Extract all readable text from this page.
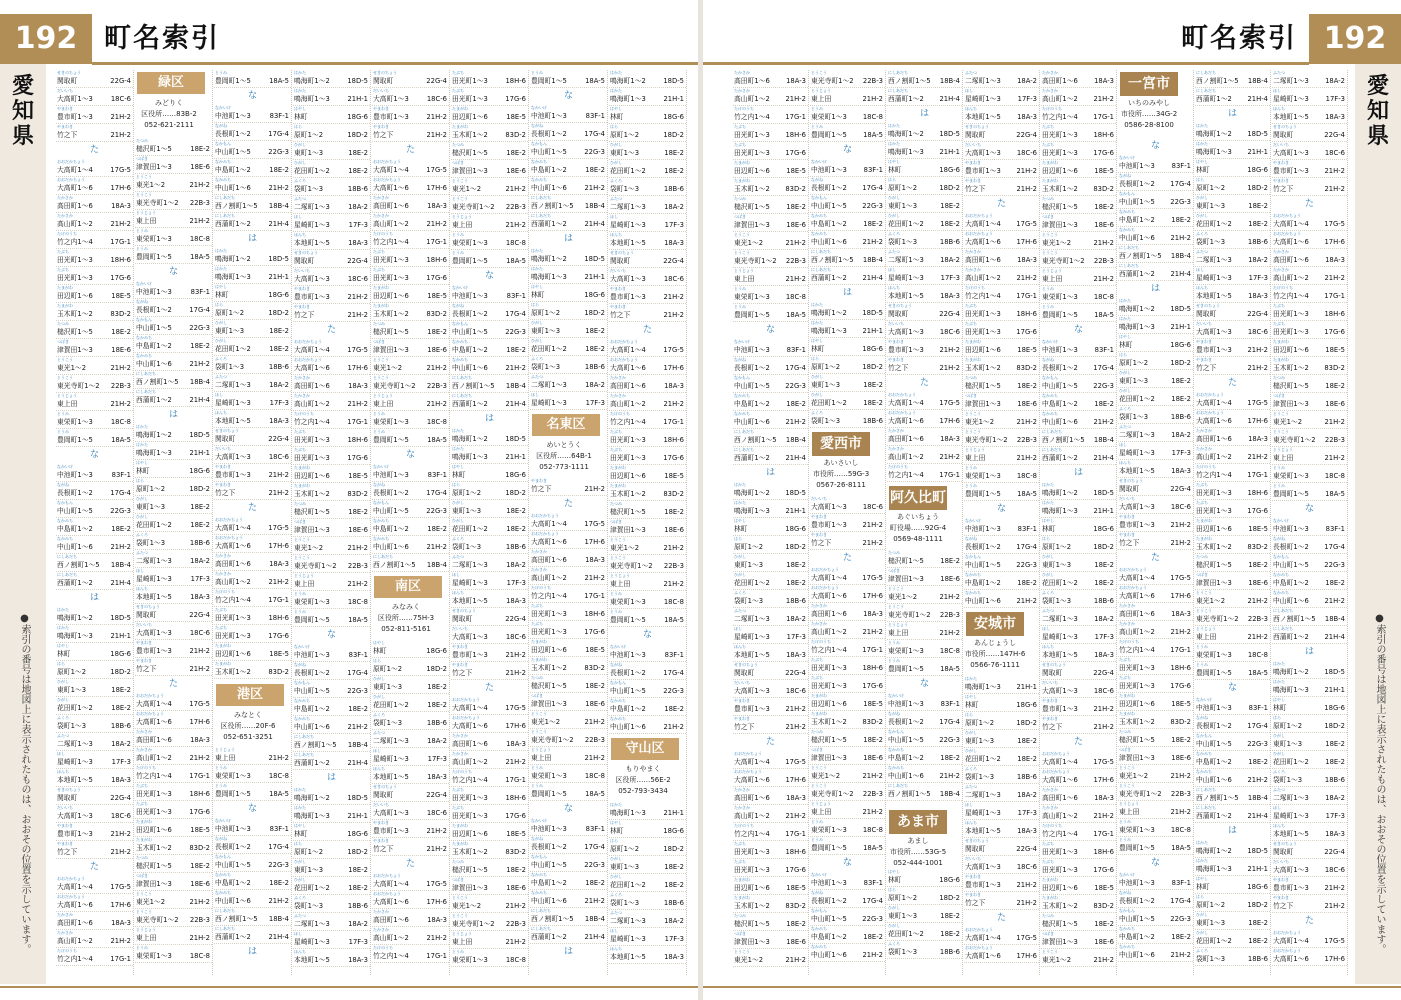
192 町名索引
愛
知
県
●索引の番号は地図上に表示されたものは、おおその位置を示しています。
せきのちょう
関取町	22G-4
だいいち
大高町1〜3	18C-6
やまわき
豊市町1〜3	21H-2
やまわき
竹之下	21H-2
た
おおだかちょう
大高町1〜4	17G-5
おおだかちょう
大高町1〜6	17H-6
たかさか
高田町1〜6	18A-3
たかさか
高山町1〜2	21H-2
たけのうち
竹之内1〜4	17G-1
たぶち
田光町1〜3	18H-6
たぶち
田光町1〜3	17G-6
たまがわ
田辺町1〜6	18E-5
たまがわ
玉木町1〜2	83D-2
たつみ
槌沢町1〜5	18E-2
つばき
津賀田1〜3	18E-6
とうこう
東光1〜2	21H-2
とうこう
東光寺町1〜2 22B-3
とうじょう
東上田	21H-2
とうみ
東栄町1〜3	18C-8
とうみ
豊岡町1〜5	18A-5
な
なかいけ
中池町1〜3	83F-1
ながね
長根町1〜2	17G-4
なかもん
中山町1〜5	22G-3
なかみち
中島町1〜2	18E-2
なかみち
中山町1〜6	21H-2
にしあだち
西ノ割町1〜5 18B-4
にしあだち
西蒲町1〜2	21H-4
は
はかた
鳴海町1〜2	18D-5
はかた
鳴海町1〜3	21H-1
はやし
林町	18G-6
はら
原町1〜2	18D-2
ひがし
東町1〜3	18E-2
ひがし
花田町1〜2	18E-2
ふくろ
袋町1〜3	18B-6
ふたつ
二塚町1〜3	18A-2
ほし
星崎町1〜3	17F-3
ほんち
本地町1〜5	18A-3
せきのちょう
関取町	22G-4
だいいち
大高町1〜3	18C-6
やまわき
豊市町1〜3	21H-2
やまわき
竹之下	21H-2
た
おおだかちょう
大高町1〜4	17G-5
おおだかちょう
大高町1〜6	17H-6
たかさか
高田町1〜6	18A-3
たかさか
高山町1〜2	21H-2
たけのうち
竹之内1〜4	17G-1
たつみ
槌沢町1〜5	18E-2
つばき
津賀田1〜3	18E-6
とうこう
東光1〜2	21H-2
とうこう
東光寺町1〜2 22B-3
とうじょう
東上田	21H-2
とうみ
東栄町1〜3	18C-8
とうみ
豊岡町1〜5	18A-5
な
なかいけ
中池町1〜3	83F-1
ながね
長根町1〜2	17G-4
なかもん
中山町1〜5	22G-3
なかみち
中島町1〜2	18E-2
なかみち
中山町1〜6	21H-2
にしあだち
西ノ割町1〜5 18B-4
にしあだち
西蒲町1〜2	21H-4
は
はかた
鳴海町1〜2	18D-5
はかた
鳴海町1〜3	21H-1
はやし
林町	18G-6
はら
原町1〜2	18D-2
ひがし
東町1〜3	18E-2
ひがし
花田町1〜2	18E-2
ふくろ
袋町1〜3	18B-6
ふたつ
二塚町1〜3	18A-2
ほし
星崎町1〜3	17F-3
ほんち
本地町1〜5	18A-3
せきのちょう
関取町	22G-4
だいいち
大高町1〜3	18C-6
やまわき
豊市町1〜3	21H-2
やまわき
竹之下	21H-2
た
おおだかちょう
大高町1〜4	17G-5
おおだかちょう
大高町1〜6	17H-6
たかさか
高田町1〜6	18A-3
たかさか
高山町1〜2	21H-2
たけのうち
竹之内1〜4	17G-1
たぶち
田光町1〜3	18H-6
たぶち
田光町1〜3	17G-6
たまがわ
田辺町1〜6	18E-5
たまがわ
玉木町1〜2	83D-2
たつみ
槌沢町1〜5	18E-2
つばき
津賀田1〜3	18E-6
とうこう
東光1〜2	21H-2
とうこう
東光寺町1〜2 22B-3
とうじょう
東上田	21H-2
とうみ
東栄町1〜3	18C-8
とうみ
豊岡町1〜5	18A-5
な
なかいけ
中池町1〜3	83F-1
ながね
長根町1〜2	17G-4
なかもん
中山町1〜5	22G-3
なかみち
中島町1〜2	18E-2
なかみち
中山町1〜6	21H-2
にしあだち
西ノ割町1〜5 18B-4
にしあだち
西蒲町1〜2	21H-4
は
はかた
鳴海町1〜2	18D-5
はかた
鳴海町1〜3	21H-1
はやし
林町	18G-6
はら
原町1〜2	18D-2
ひがし
東町1〜3	18E-2
ひがし
花田町1〜2	18E-2
ふくろ
袋町1〜3	18B-6
ふたつ
二塚町1〜3	18A-2
ほし
星崎町1〜3	17F-3
ほんち
本地町1〜5	18A-3
せきのちょう
関取町	22G-4
だいいち
大高町1〜3	18C-6
やまわき
豊市町1〜3	21H-2
やまわき
竹之下	21H-2
た
おおだかちょう
大高町1〜4	17G-5
おおだかちょう
大高町1〜6	17H-6
たかさか
高田町1〜6	18A-3
たかさか
高山町1〜2	21H-2
たけのうち
竹之内1〜4	17G-1
たぶち
田光町1〜3	18H-6
たぶち
田光町1〜3	17G-6
たまがわ
田辺町1〜6	18E-5
たまがわ
玉木町1〜2	83D-2
とうじょう
東上田	21H-2
とうみ
東栄町1〜3	18C-8
とうみ
豊岡町1〜5	18A-5
な
なかいけ
中池町1〜3	83F-1
ながね
長根町1〜2	17G-4
なかもん
中山町1〜5	22G-3
なかみち
中島町1〜2	18E-2
なかみち
中山町1〜6	21H-2
にしあだち
西ノ割町1〜5 18B-4
にしあだち
西蒲町1〜2	21H-4
は
はかた
鳴海町1〜2	18D-5
はかた
鳴海町1〜3	21H-1
はやし
林町	18G-6
はら
原町1〜2	18D-2
ひがし
東町1〜3	18E-2
ひがし
花田町1〜2	18E-2
ふくろ
袋町1〜3	18B-6
ふたつ
二塚町1〜3	18A-2
ほし
星崎町1〜3	17F-3
ほんち
本地町1〜5	18A-3
せきのちょう
関取町	22G-4
だいいち
大高町1〜3	18C-6
やまわき
豊市町1〜3	21H-2
やまわき
竹之下	21H-2
た
おおだかちょう
大高町1〜4	17G-5
おおだかちょう
大高町1〜6	17H-6
たかさか
高田町1〜6	18A-3
たかさか
高山町1〜2	21H-2
たけのうち
竹之内1〜4	17G-1
たぶち
田光町1〜3	18H-6
たぶち
田光町1〜3	17G-6
たまがわ
田辺町1〜6	18E-5
たまがわ
玉木町1〜2	83D-2
たつみ
槌沢町1〜5	18E-2
つばき
津賀田1〜3	18E-6
とうこう
東光1〜2	21H-2
とうこう
東光寺町1〜2 22B-3
とうじょう
東上田	21H-2
とうみ
東栄町1〜3	18C-8
とうみ
豊岡町1〜5	18A-5
な
なかいけ
中池町1〜3	83F-1
ながね
長根町1〜2	17G-4
なかもん
中山町1〜5	22G-3
なかみち
中島町1〜2	18E-2
なかみち
中山町1〜6	21H-2
にしあだち
西ノ割町1〜5 18B-4
にしあだち
西蒲町1〜2	21H-4
は
はかた
鳴海町1〜2	18D-5
はかた
鳴海町1〜3	21H-1
はやし
林町	18G-6
はら
原町1〜2	18D-2
ひがし
東町1〜3	18E-2
ひがし
花田町1〜2	18E-2
ふくろ
袋町1〜3	18B-6
ふたつ
二塚町1〜3	18A-2
ほし
星崎町1〜3	17F-3
ほんち
本地町1〜5	18A-3
せきのちょう
関取町	22G-4
だいいち
大高町1〜3	18C-6
やまわき
豊市町1〜3	21H-2
やまわき
竹之下	21H-2
た
おおだかちょう
大高町1〜4	17G-5
おおだかちょう
大高町1〜6	17H-6
たかさか
高田町1〜6	18A-3
たかさか
高山町1〜2	21H-2
たけのうち
竹之内1〜4	17G-1
たぶち
田光町1〜3	18H-6
たぶち
田光町1〜3	17G-6
たまがわ
田辺町1〜6	18E-5
たまがわ
玉木町1〜2	83D-2
たつみ
槌沢町1〜5	18E-2
つばき
津賀田1〜3	18E-6
とうこう
東光1〜2	21H-2
とうこう
東光寺町1〜2 22B-3
とうじょう
東上田	21H-2
とうみ
東栄町1〜3	18C-8
とうみ
豊岡町1〜5	18A-5
な
なかいけ
中池町1〜3	83F-1
ながね
長根町1〜2	17G-4
なかもん
中山町1〜5	22G-3
なかみち
中島町1〜2	18E-2
なかみち
中山町1〜6	21H-2
にしあだち
西ノ割町1〜5 18B-4
はやし
林町	18G-6
はら
原町1〜2	18D-2
ひがし
東町1〜3	18E-2
ひがし
花田町1〜2	18E-2
ふくろ
袋町1〜3	18B-6
ふたつ
二塚町1〜3	18A-2
ほし
星崎町1〜3	17F-3
ほんち
本地町1〜5	18A-3
せきのちょう
関取町	22G-4
だいいち
大高町1〜3	18C-6
やまわき
豊市町1〜3	21H-2
やまわき
竹之下	21H-2
た
おおだかちょう
大高町1〜4	17G-5
おおだかちょう
大高町1〜6	17H-6
たかさか
高田町1〜6	18A-3
たかさか
高山町1〜2	21H-2
たけのうち
竹之内1〜4	17G-1
たぶち
田光町1〜3	18H-6
たぶち
田光町1〜3	17G-6
たまがわ
田辺町1〜6	18E-5
たまがわ
玉木町1〜2	83D-2
たつみ
槌沢町1〜5	18E-2
つばき
津賀田1〜3	18E-6
とうこう
東光1〜2	21H-2
とうこう
東光寺町1〜2 22B-3
とうじょう
東上田	21H-2
とうみ
東栄町1〜3	18C-8
とうみ
豊岡町1〜5	18A-5
な
なかいけ
中池町1〜3	83F-1
ながね
長根町1〜2	17G-4
なかもん
中山町1〜5	22G-3
なかみち
中島町1〜2	18E-2
なかみち
中山町1〜6	21H-2
にしあだち
西ノ割町1〜5 18B-4
にしあだち
西蒲町1〜2	21H-4
は
はかた
鳴海町1〜2	18D-5
はかた
鳴海町1〜3	21H-1
はやし
林町	18G-6
はら
原町1〜2	18D-2
ひがし
東町1〜3	18E-2
ひがし
花田町1〜2	18E-2
ふくろ
袋町1〜3	18B-6
ふたつ
二塚町1〜3	18A-2
ほし
星崎町1〜3	17F-3
ほんち
本地町1〜5	18A-3
せきのちょう
関取町	22G-4
だいいち
大高町1〜3	18C-6
やまわき
豊市町1〜3	21H-2
やまわき
竹之下	21H-2
た
おおだかちょう
大高町1〜4	17G-5
おおだかちょう
大高町1〜6	17H-6
たかさか
高田町1〜6	18A-3
たかさか
高山町1〜2	21H-2
たけのうち
竹之内1〜4	17G-1
たぶち
田光町1〜3	18H-6
たぶち
田光町1〜3	17G-6
たまがわ
田辺町1〜6	18E-5
たまがわ
玉木町1〜2	83D-2
たつみ
槌沢町1〜5	18E-2
つばき
津賀田1〜3	18E-6
とうこう
東光1〜2	21H-2
とうこう
東光寺町1〜2 22B-3
とうじょう
東上田	21H-2
とうみ
東栄町1〜3	18C-8
とうみ
豊岡町1〜5	18A-5
な
なかいけ
中池町1〜3	83F-1
ながね
長根町1〜2	17G-4
なかもん
中山町1〜5	22G-3
なかみち
中島町1〜2	18E-2
なかみち
中山町1〜6	21H-2
にしあだち
西ノ割町1〜5 18B-4
にしあだち
西蒲町1〜2	21H-4
は
はかた
鳴海町1〜2	18D-5
はかた
鳴海町1〜3	21H-1
はやし
林町	18G-6
はら
原町1〜2	18D-2
ひがし
東町1〜3	18E-2
ひがし
花田町1〜2	18E-2
ふくろ
袋町1〜3	18B-6
ふたつ
二塚町1〜3	18A-2
ほし
星崎町1〜3	17F-3
やまわき
竹之下	21H-2
た
おおだかちょう
大高町1〜4	17G-5
おおだかちょう
大高町1〜6	17H-6
たかさか
高田町1〜6	18A-3
たかさか
高山町1〜2	21H-2
たけのうち
竹之内1〜4	17G-1
たぶち
田光町1〜3	18H-6
たぶち
田光町1〜3	17G-6
たまがわ
田辺町1〜6	18E-5
たまがわ
玉木町1〜2	83D-2
たつみ
槌沢町1〜5	18E-2
つばき
津賀田1〜3	18E-6
とうこう
東光1〜2	21H-2
とうこう
東光寺町1〜2 22B-3
とうじょう
東上田	21H-2
とうみ
東栄町1〜3	18C-8
とうみ
豊岡町1〜5	18A-5
な
なかいけ
中池町1〜3	83F-1
ながね
長根町1〜2	17G-4
なかもん
中山町1〜5	22G-3
なかみち
中島町1〜2	18E-2
なかみち
中山町1〜6	21H-2
にしあだち
西ノ割町1〜5 18B-4
にしあだち
西蒲町1〜2	21H-4
は
はかた
鳴海町1〜2	18D-5
はかた
鳴海町1〜3	21H-1
はやし
林町	18G-6
はら
原町1〜2	18D-2
ひがし
東町1〜3	18E-2
ひがし
花田町1〜2	18E-2
ふくろ
袋町1〜3	18B-6
ふたつ
二塚町1〜3	18A-2
ほし
星崎町1〜3	17F-3
ほんち
本地町1〜5	18A-3
せきのちょう
関取町	22G-4
だいいち
大高町1〜3	18C-6
やまわき
豊市町1〜3	21H-2
やまわき
竹之下	21H-2
た
おおだかちょう
大高町1〜4	17G-5
おおだかちょう
大高町1〜6	17H-6
たかさか
高田町1〜6	18A-3
たかさか
高山町1〜2	21H-2
たけのうち
竹之内1〜4	17G-1
たぶち
田光町1〜3	18H-6
たぶち
田光町1〜3	17G-6
たまがわ
田辺町1〜6	18E-5
たまがわ
玉木町1〜2	83D-2
たつみ
槌沢町1〜5	18E-2
つばき
津賀田1〜3	18E-6
とうこう
東光1〜2	21H-2
とうこう
東光寺町1〜2 22B-3
とうじょう
東上田	21H-2
とうみ
東栄町1〜3	18C-8
とうみ
豊岡町1〜5	18A-5
な
なかいけ
中池町1〜3	83F-1
ながね
長根町1〜2	17G-4
なかもん
中山町1〜5	22G-3
なかみち
中島町1〜2	18E-2
なかみち
中山町1〜6	21H-2
はかた
鳴海町1〜3	21H-1
はやし
林町	18G-6
はら
原町1〜2	18D-2
ひがし
東町1〜3	18E-2
ひがし
花田町1〜2	18E-2
ふくろ
袋町1〜3	18B-6
ふたつ
二塚町1〜3	18A-2
ほし
星崎町1〜3	17F-3
ほんち
本地町1〜5	18A-3
緑区
みどりく
区役所……83B-2
052-621-2111
港区
みなとく
区役所……20F-6
052-651-3251
南区
みなみく
区役所……75H-3
052-811-5161
名東区
めいとうく
区役所……64B-1
052-773-1111
守山区
もりやまく
区役所……56E-2
052-793-3434
192
町名索引
愛
知
県
●索引の番号は地図上に表示されたものは、おおその位置を示しています。
たかさか
高田町1〜6 18A-3
たかさか
高山町1〜2 21H-2
たけのうち
竹之内1〜4 17G-1
たぶち
田光町1〜3 18H-6
たぶち
田光町1〜3 17G-6
たまがわ
田辺町1〜6 18E-5
たまがわ
玉木町1〜2 83D-2
たつみ
槌沢町1〜5 18E-2
つばき
津賀田1〜3 18E-6
とうこう
東光1〜2	21H-2
とうこう
東光寺町1〜2 22B-3
とうじょう
東上田	21H-2
とうみ
東栄町1〜3 18C-8
とうみ
豊岡町1〜5 18A-5
な
なかいけ
中池町1〜3 83F-1
ながね
長根町1〜2 17G-4
なかもん
中山町1〜5 22G-3
なかみち
中島町1〜2 18E-2
なかみち
中山町1〜6 21H-2
にしあだち
西ノ割町1〜5 18B-4
にしあだち
西蒲町1〜2 21H-4
は
はかた
鳴海町1〜2 18D-5
はかた
鳴海町1〜3 21H-1
はやし
林町	18G-6
はら
原町1〜2	18D-2
ひがし
東町1〜3	18E-2
ひがし
花田町1〜2 18E-2
ふくろ
袋町1〜3	18B-6
ふたつ
二塚町1〜3 18A-2
ほし
星崎町1〜3 17F-3
ほんち
本地町1〜5 18A-3
せきのちょう
関取町	22G-4
だいいち
大高町1〜3 18C-6
やまわき
豊市町1〜3 21H-2
やまわき
竹之下	21H-2
た
おおだかちょう
大高町1〜4 17G-5
おおだかちょう
大高町1〜6 17H-6
たかさか
高田町1〜6 18A-3
たかさか
高山町1〜2 21H-2
たけのうち
竹之内1〜4 17G-1
たぶち
田光町1〜3 18H-6
たぶち
田光町1〜3 17G-6
たまがわ
田辺町1〜6 18E-5
たまがわ
玉木町1〜2 83D-2
たつみ
槌沢町1〜5 18E-2
つばき
津賀田1〜3 18E-6
とうこう
東光1〜2	21H-2
とうこう
東光寺町1〜2 22B-3
とうじょう
東上田	21H-2
とうみ
東栄町1〜3 18C-8
とうみ
豊岡町1〜5 18A-5
な
なかいけ
中池町1〜3 83F-1
ながね
長根町1〜2 17G-4
なかもん
中山町1〜5 22G-3
なかみち
中島町1〜2 18E-2
なかみち
中山町1〜6 21H-2
にしあだち
西ノ割町1〜5 18B-4
にしあだち
西蒲町1〜2 21H-4
は
はかた
鳴海町1〜2 18D-5
はかた
鳴海町1〜3 21H-1
はやし
林町	18G-6
はら
原町1〜2	18D-2
ひがし
東町1〜3	18E-2
ひがし
花田町1〜2 18E-2
ふくろ
袋町1〜3	18B-6
だいいち
大高町1〜3 18C-6
やまわき
豊市町1〜3 21H-2
やまわき
竹之下	21H-2
た
おおだかちょう
大高町1〜4 17G-5
おおだかちょう
大高町1〜6 17H-6
たかさか
高田町1〜6 18A-3
たかさか
高山町1〜2 21H-2
たけのうち
竹之内1〜4 17G-1
たぶち
田光町1〜3 18H-6
たぶち
田光町1〜3 17G-6
たまがわ
田辺町1〜6 18E-5
たまがわ
玉木町1〜2 83D-2
たつみ
槌沢町1〜5 18E-2
つばき
津賀田1〜3 18E-6
とうこう
東光1〜2	21H-2
とうこう
東光寺町1〜2 22B-3
とうじょう
東上田	21H-2
とうみ
東栄町1〜3 18C-8
とうみ
豊岡町1〜5 18A-5
な
なかいけ
中池町1〜3 83F-1
ながね
長根町1〜2 17G-4
なかもん
中山町1〜5 22G-3
なかみち
中島町1〜2 18E-2
なかみち
中山町1〜6 21H-2
にしあだち
西ノ割町1〜5 18B-4
にしあだち
西蒲町1〜2 21H-4
は
はかた
鳴海町1〜2 18D-5
はかた
鳴海町1〜3 21H-1
はやし
林町	18G-6
はら
原町1〜2	18D-2
ひがし
東町1〜3	18E-2
ひがし
花田町1〜2 18E-2
ふくろ
袋町1〜3	18B-6
ふたつ
二塚町1〜3 18A-2
ほし
星崎町1〜3 17F-3
ほんち
本地町1〜5 18A-3
せきのちょう
関取町	22G-4
だいいち
大高町1〜3 18C-6
やまわき
豊市町1〜3 21H-2
やまわき
竹之下	21H-2
た
おおだかちょう
大高町1〜4 17G-5
おおだかちょう
大高町1〜6 17H-6
たかさか
高田町1〜6 18A-3
たかさか
高山町1〜2 21H-2
たけのうち
竹之内1〜4 17G-1
たつみ
槌沢町1〜5 18E-2
つばき
津賀田1〜3 18E-6
とうこう
東光1〜2	21H-2
とうこう
東光寺町1〜2 22B-3
とうじょう
東上田	21H-2
とうみ
東栄町1〜3 18C-8
とうみ
豊岡町1〜5 18A-5
な
なかいけ
中池町1〜3 83F-1
ながね
長根町1〜2 17G-4
なかもん
中山町1〜5 22G-3
なかみち
中島町1〜2 18E-2
なかみち
中山町1〜6 21H-2
にしあだち
西ノ割町1〜5 18B-4
はやし
林町	18G-6
はら
原町1〜2	18D-2
ひがし
東町1〜3	18E-2
ひがし
花田町1〜2 18E-2
ふくろ
袋町1〜3	18B-6
ふたつ
二塚町1〜3 18A-2
ほし
星崎町1〜3 17F-3
ほんち
本地町1〜5 18A-3
せきのちょう
関取町	22G-4
だいいち
大高町1〜3 18C-6
やまわき
豊市町1〜3 21H-2
やまわき
竹之下	21H-2
た
おおだかちょう
大高町1〜4 17G-5
おおだかちょう
大高町1〜6 17H-6
たかさか
高田町1〜6 18A-3
たかさか
高山町1〜2 21H-2
たけのうち
竹之内1〜4 17G-1
たぶち
田光町1〜3 18H-6
たぶち
田光町1〜3 17G-6
たまがわ
田辺町1〜6 18E-5
たまがわ
玉木町1〜2 83D-2
たつみ
槌沢町1〜5 18E-2
つばき
津賀田1〜3 18E-6
とうこう
東光1〜2	21H-2
とうこう
東光寺町1〜2 22B-3
とうじょう
東上田	21H-2
とうみ
東栄町1〜3 18C-8
とうみ
豊岡町1〜5 18A-5
な
なかいけ
中池町1〜3 83F-1
ながね
長根町1〜2 17G-4
なかもん
中山町1〜5 22G-3
なかみち
中島町1〜2 18E-2
なかみち
中山町1〜6 21H-2
はかた
鳴海町1〜3 21H-1
はやし
林町	18G-6
はら
原町1〜2	18D-2
ひがし
東町1〜3	18E-2
ひがし
花田町1〜2 18E-2
ふくろ
袋町1〜3	18B-6
ふたつ
二塚町1〜3 18A-2
ほし
星崎町1〜3 17F-3
ほんち
本地町1〜5 18A-3
せきのちょう
関取町	22G-4
だいいち
大高町1〜3 18C-6
やまわき
豊市町1〜3 21H-2
やまわき
竹之下	21H-2
た
おおだかちょう
大高町1〜4 17G-5
おおだかちょう
大高町1〜6 17H-6
たかさか
高田町1〜6 18A-3
たかさか
高山町1〜2 21H-2
たけのうち
竹之内1〜4 17G-1
たぶち
田光町1〜3 18H-6
たぶち
田光町1〜3 17G-6
たまがわ
田辺町1〜6 18E-5
たまがわ
玉木町1〜2 83D-2
たつみ
槌沢町1〜5 18E-2
つばき
津賀田1〜3 18E-6
とうこう
東光1〜2	21H-2
とうこう
東光寺町1〜2 22B-3
とうじょう
東上田	21H-2
とうみ
東栄町1〜3 18C-8
とうみ
豊岡町1〜5 18A-5
な
なかいけ
中池町1〜3 83F-1
ながね
長根町1〜2 17G-4
なかもん
中山町1〜5 22G-3
なかみち
中島町1〜2 18E-2
なかみち
中山町1〜6 21H-2
にしあだち
西ノ割町1〜5 18B-4
にしあだち
西蒲町1〜2 21H-4
は
はかた
鳴海町1〜2 18D-5
はかた
鳴海町1〜3 21H-1
はやし
林町	18G-6
はら
原町1〜2	18D-2
ひがし
東町1〜3	18E-2
ひがし
花田町1〜2 18E-2
ふくろ
袋町1〜3	18B-6
ふたつ
二塚町1〜3 18A-2
ほし
星崎町1〜3 17F-3
ほんち
本地町1〜5 18A-3
せきのちょう
関取町	22G-4
だいいち
大高町1〜3 18C-6
やまわき
豊市町1〜3 21H-2
やまわき
竹之下	21H-2
た
おおだかちょう
大高町1〜4 17G-5
おおだかちょう
大高町1〜6 17H-6
たかさか
高田町1〜6 18A-3
たかさか
高山町1〜2 21H-2
たけのうち
竹之内1〜4 17G-1
たぶち
田光町1〜3 18H-6
たぶち
田光町1〜3 17G-6
たまがわ
田辺町1〜6 18E-5
たまがわ
玉木町1〜2 83D-2
たつみ
槌沢町1〜5 18E-2
つばき
津賀田1〜3 18E-6
とうこう
東光1〜2	21H-2
な
なかいけ
中池町1〜3 83F-1
ながね
長根町1〜2 17G-4
なかもん
中山町1〜5 22G-3
なかみち
中島町1〜2 18E-2
なかみち
中山町1〜6 21H-2
にしあだち
西ノ割町1〜5 18B-4
にしあだち
西蒲町1〜2 21H-4
は
はかた
鳴海町1〜2 18D-5
はかた
鳴海町1〜3 21H-1
はやし
林町	18G-6
はら
原町1〜2	18D-2
ひがし
東町1〜3	18E-2
ひがし
花田町1〜2 18E-2
ふくろ
袋町1〜3	18B-6
ふたつ
二塚町1〜3 18A-2
ほし
星崎町1〜3 17F-3
ほんち
本地町1〜5 18A-3
せきのちょう
関取町	22G-4
だいいち
大高町1〜3 18C-6
やまわき
豊市町1〜3 21H-2
やまわき
竹之下	21H-2
た
おおだかちょう
大高町1〜4 17G-5
おおだかちょう
大高町1〜6 17H-6
たかさか
高田町1〜6 18A-3
たかさか
高山町1〜2 21H-2
たけのうち
竹之内1〜4 17G-1
たぶち
田光町1〜3 18H-6
たぶち
田光町1〜3 17G-6
たまがわ
田辺町1〜6 18E-5
たまがわ
玉木町1〜2 83D-2
たつみ
槌沢町1〜5 18E-2
つばき
津賀田1〜3 18E-6
とうこう
東光1〜2	21H-2
とうこう
東光寺町1〜2 22B-3
とうじょう
東上田	21H-2
とうみ
東栄町1〜3 18C-8
とうみ
豊岡町1〜5 18A-5
な
なかいけ
中池町1〜3 83F-1
ながね
長根町1〜2 17G-4
なかもん
中山町1〜5 22G-3
なかみち
中島町1〜2 18E-2
なかみち
中山町1〜6 21H-2
にしあだち
西ノ割町1〜5 18B-4
にしあだち
西蒲町1〜2 21H-4
は
はかた
鳴海町1〜2 18D-5
はかた
鳴海町1〜3 21H-1
はやし
林町	18G-6
はら
原町1〜2	18D-2
ひがし
東町1〜3	18E-2
ひがし
花田町1〜2 18E-2
ふくろ
袋町1〜3	18B-6
ふたつ
二塚町1〜3 18A-2
ほし
星崎町1〜3 17F-3
ほんち
本地町1〜5 18A-3
せきのちょう
関取町	22G-4
だいいち
大高町1〜3 18C-6
やまわき
豊市町1〜3 21H-2
やまわき
竹之下	21H-2
た
おおだかちょう
大高町1〜4 17G-5
おおだかちょう
大高町1〜6 17H-6
たかさか
高田町1〜6 18A-3
たかさか
高山町1〜2 21H-2
たけのうち
竹之内1〜4 17G-1
たぶち
田光町1〜3 18H-6
たぶち
田光町1〜3 17G-6
たまがわ
田辺町1〜6 18E-5
たまがわ
玉木町1〜2 83D-2
たつみ
槌沢町1〜5 18E-2
つばき
津賀田1〜3 18E-6
とうこう
東光1〜2	21H-2
とうこう
東光寺町1〜2 22B-3
とうじょう
東上田	21H-2
とうみ
東栄町1〜3 18C-8
とうみ
豊岡町1〜5 18A-5
な
なかいけ
中池町1〜3 83F-1
ながね
長根町1〜2 17G-4
なかもん
中山町1〜5 22G-3
なかみち
中島町1〜2 18E-2
なかみち
中山町1〜6 21H-2
にしあだち
西ノ割町1〜5 18B-4
にしあだち
西蒲町1〜2 21H-4
は
はかた
鳴海町1〜2 18D-5
はかた
鳴海町1〜3 21H-1
はやし
林町	18G-6
はら
原町1〜2	18D-2
ひがし
東町1〜3	18E-2
ひがし
花田町1〜2 18E-2
ふくろ
袋町1〜3	18B-6
ふたつ
二塚町1〜3 18A-2
ほし
星崎町1〜3 17F-3
ほんち
本地町1〜5 18A-3
せきのちょう
関取町	22G-4
だいいち
大高町1〜3 18C-6
やまわき
豊市町1〜3 21H-2
やまわき
竹之下	21H-2
た
おおだかちょう
大高町1〜4 17G-5
おおだかちょう
大高町1〜6 17H-6
たかさか
高田町1〜6 18A-3
たかさか
高山町1〜2 21H-2
たけのうち
竹之内1〜4 17G-1
たぶち
田光町1〜3 18H-6
たぶち
田光町1〜3 17G-6
たまがわ
田辺町1〜6 18E-5
たまがわ
玉木町1〜2 83D-2
たつみ
槌沢町1〜5 18E-2
つばき
津賀田1〜3 18E-6
とうこう
東光1〜2	21H-2
とうこう
東光寺町1〜2 22B-3
とうじょう
東上田	21H-2
とうみ
東栄町1〜3 18C-8
とうみ
豊岡町1〜5 18A-5
な
なかいけ
中池町1〜3 83F-1
ながね
長根町1〜2 17G-4
なかもん
中山町1〜5 22G-3
なかみち
中島町1〜2 18E-2
なかみち
中山町1〜6 21H-2
にしあだち
西ノ割町1〜5 18B-4
にしあだち
西蒲町1〜2 21H-4
は
はかた
鳴海町1〜2 18D-5
はかた
鳴海町1〜3 21H-1
はやし
林町	18G-6
はら
原町1〜2	18D-2
ひがし
東町1〜3	18E-2
ひがし
花田町1〜2 18E-2
ふくろ
袋町1〜3	18B-6
ふたつ
二塚町1〜3 18A-2
ほし
星崎町1〜3 17F-3
ほんち
本地町1〜5 18A-3
せきのちょう
関取町	22G-4
だいいち
大高町1〜3 18C-6
やまわき
豊市町1〜3 21H-2
やまわき
竹之下	21H-2
た
おおだかちょう
大高町1〜4 17G-5
おおだかちょう
大高町1〜6 17H-6
一宮市
いちのみやし
市役所……34G-2
0586-28-8100
愛西市
あいさいし
市役所……59G-3
0567-26-8111
阿久比町
あぐいちょう
町役場……92G-4
0569-48-1111
安城市
あんじょうし
市役所……147H-6
0566-76-1111
あま市
あまし
市役所……53G-5
052-444-1001
